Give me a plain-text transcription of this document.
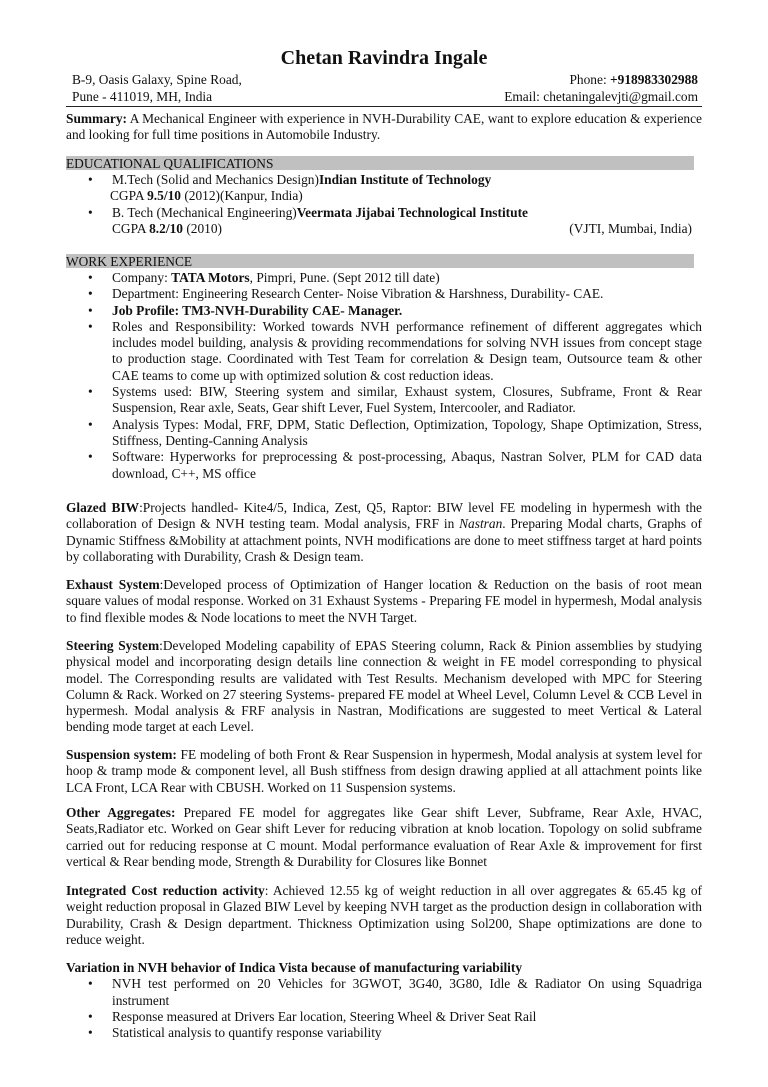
Chetan Ravindra Ingale
B-9, Oasis Galaxy, Spine Road,
Pune - 411019, MH, India
Phone: +918983302988
Email: chetaningalevjti@gmail.com
Summary: A Mechanical Engineer with experience in NVH-Durability CAE, want to explore education & experience and looking for full time positions in Automobile Industry.
EDUCATIONAL QUALIFICATIONS
• M.Tech (Solid and Mechanics Design)Indian Institute of Technology
CGPA 9.5/10 (2012)(Kanpur, India)
• B. Tech (Mechanical Engineering)Veermata Jijabai Technological Institute
CGPA 8.2/10 (2010)	(VJTI, Mumbai, India)
WORK EXPERIENCE
• Company: TATA Motors, Pimpri, Pune. (Sept 2012 till date)
• Department: Engineering Research Center- Noise Vibration & Harshness, Durability- CAE.
• Job Profile: TM3-NVH-Durability CAE- Manager.
• Roles and Responsibility: Worked towards NVH performance refinement of different aggregates which includes model building, analysis & providing recommendations for solving NVH issues from concept stage to production stage. Coordinated with Test Team for correlation & Design team, Outsource team & other CAE teams to come up with optimized solution & cost reduction ideas.
• Systems used: BIW, Steering system and similar, Exhaust system, Closures, Subframe, Front & Rear Suspension, Rear axle, Seats, Gear shift Lever, Fuel System, Intercooler, and Radiator.
• Analysis Types: Modal, FRF, DPM, Static Deflection, Optimization, Topology, Shape Optimization, Stress, Stiffness, Denting-Canning Analysis
• Software: Hyperworks for preprocessing & post-processing, Abaqus, Nastran Solver, PLM for CAD data download, C++, MS office
Glazed BIW:Projects handled- Kite4/5, Indica, Zest, Q5, Raptor: BIW level FE modeling in hypermesh with the collaboration of Design & NVH testing team. Modal analysis, FRF in Nastran. Preparing Modal charts, Graphs of Dynamic Stiffness &Mobility at attachment points, NVH modifications are done to meet stiffness target at hard points by collaborating with Durability, Crash & Design team.
Exhaust System:Developed process of Optimization of Hanger location & Reduction on the basis of root mean square values of modal response. Worked on 31 Exhaust Systems - Preparing FE model in hypermesh, Modal analysis to find flexible modes & Node locations to meet the NVH Target.
Steering System:Developed Modeling capability of EPAS Steering column, Rack & Pinion assemblies by studying physical model and incorporating design details line connection & weight in FE model corresponding to physical model. The Corresponding results are validated with Test Results. Mechanism developed with MPC for Steering Column & Rack. Worked on 27 steering Systems- prepared FE model at Wheel Level, Column Level & CCB Level in hypermesh. Modal analysis & FRF analysis in Nastran, Modifications are suggested to meet Vertical & Lateral bending mode target at each Level.
Suspension system: FE modeling of both Front & Rear Suspension in hypermesh, Modal analysis at system level for hoop & tramp mode & component level, all Bush stiffness from design drawing applied at all attachment points like LCA Front, LCA Rear with CBUSH. Worked on 11 Suspension systems.
Other Aggregates: Prepared FE model for aggregates like Gear shift Lever, Subframe, Rear Axle, HVAC, Seats,Radiator etc. Worked on Gear shift Lever for reducing vibration at knob location. Topology on solid subframe carried out for reducing response at C mount. Modal performance evaluation of Rear Axle & improvement for first vertical & Rear bending mode, Strength & Durability for Closures like Bonnet
Integrated Cost reduction activity: Achieved 12.55 kg of weight reduction in all over aggregates & 65.45 kg of weight reduction proposal in Glazed BIW Level by keeping NVH target as the production design in collaboration with Durability, Crash & Design department. Thickness Optimization using Sol200, Shape optimizations are done to reduce weight.
Variation in NVH behavior of Indica Vista because of manufacturing variability
• NVH test performed on 20 Vehicles for 3GWOT, 3G40, 3G80, Idle & Radiator On using Squadriga instrument
• Response measured at Drivers Ear location, Steering Wheel & Driver Seat Rail
• Statistical analysis to quantify response variability
